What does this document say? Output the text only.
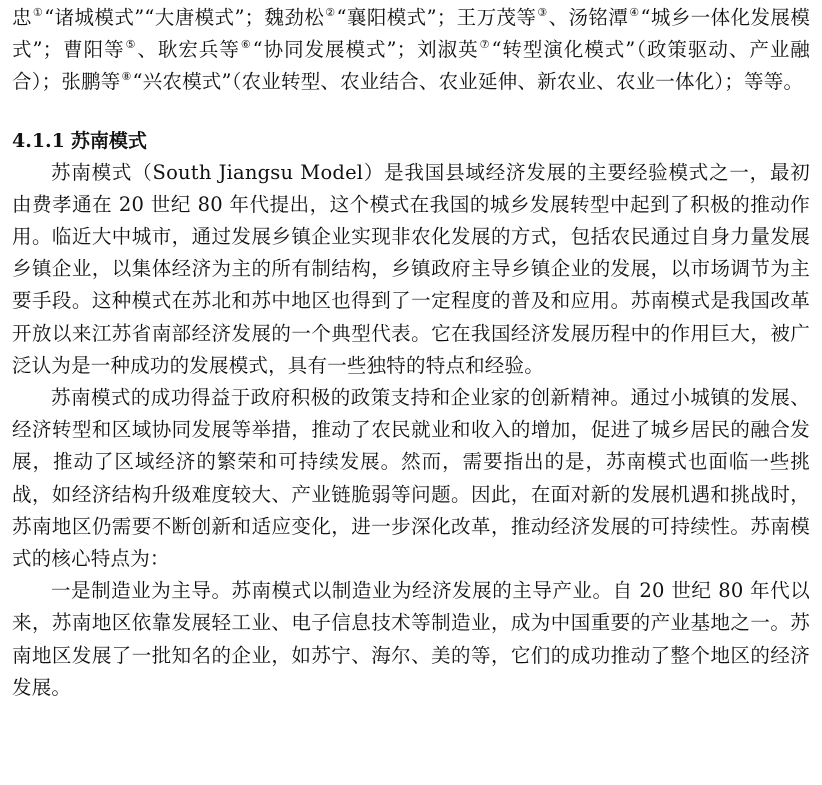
忠①“诸城模式”“大唐模式”；魏劲松②“襄阳模式”；王万茂等③、汤铭潭④“城乡一体化发展模式”；曹阳等⑤、耿宏兵等⑥“协同发展模式”；刘淑英⑦“转型演化模式”（政策驱动、产业融合）；张鹏等⑧“兴农模式”（农业转型、农业结合、农业延伸、新农业、农业一体化）；等等。

4.1.1 苏南模式

苏南模式（South Jiangsu Model）是我国县域经济发展的主要经验模式之一，最初由费孝通在 20 世纪 80 年代提出，这个模式在我国的城乡发展转型中起到了积极的推动作用。临近大中城市，通过发展乡镇企业实现非农化发展的方式，包括农民通过自身力量发展乡镇企业，以集体经济为主的所有制结构，乡镇政府主导乡镇企业的发展，以市场调节为主要手段。这种模式在苏北和苏中地区也得到了一定程度的普及和应用。苏南模式是我国改革开放以来江苏省南部经济发展的一个典型代表。它在我国经济发展历程中的作用巨大，被广泛认为是一种成功的发展模式，具有一些独特的特点和经验。

苏南模式的成功得益于政府积极的政策支持和企业家的创新精神。通过小城镇的发展、经济转型和区域协同发展等举措，推动了农民就业和收入的增加，促进了城乡居民的融合发展，推动了区域经济的繁荣和可持续发展。然而，需要指出的是，苏南模式也面临一些挑战，如经济结构升级难度较大、产业链脆弱等问题。因此，在面对新的发展机遇和挑战时，苏南地区仍需要不断创新和适应变化，进一步深化改革，推动经济发展的可持续性。苏南模式的核心特点为：

一是制造业为主导。苏南模式以制造业为经济发展的主导产业。自 20 世纪 80 年代以来，苏南地区依靠发展轻工业、电子信息技术等制造业，成为中国重要的产业基地之一。苏南地区发展了一批知名的企业，如苏宁、海尔、美的等，它们的成功推动了整个地区的经济发展。
